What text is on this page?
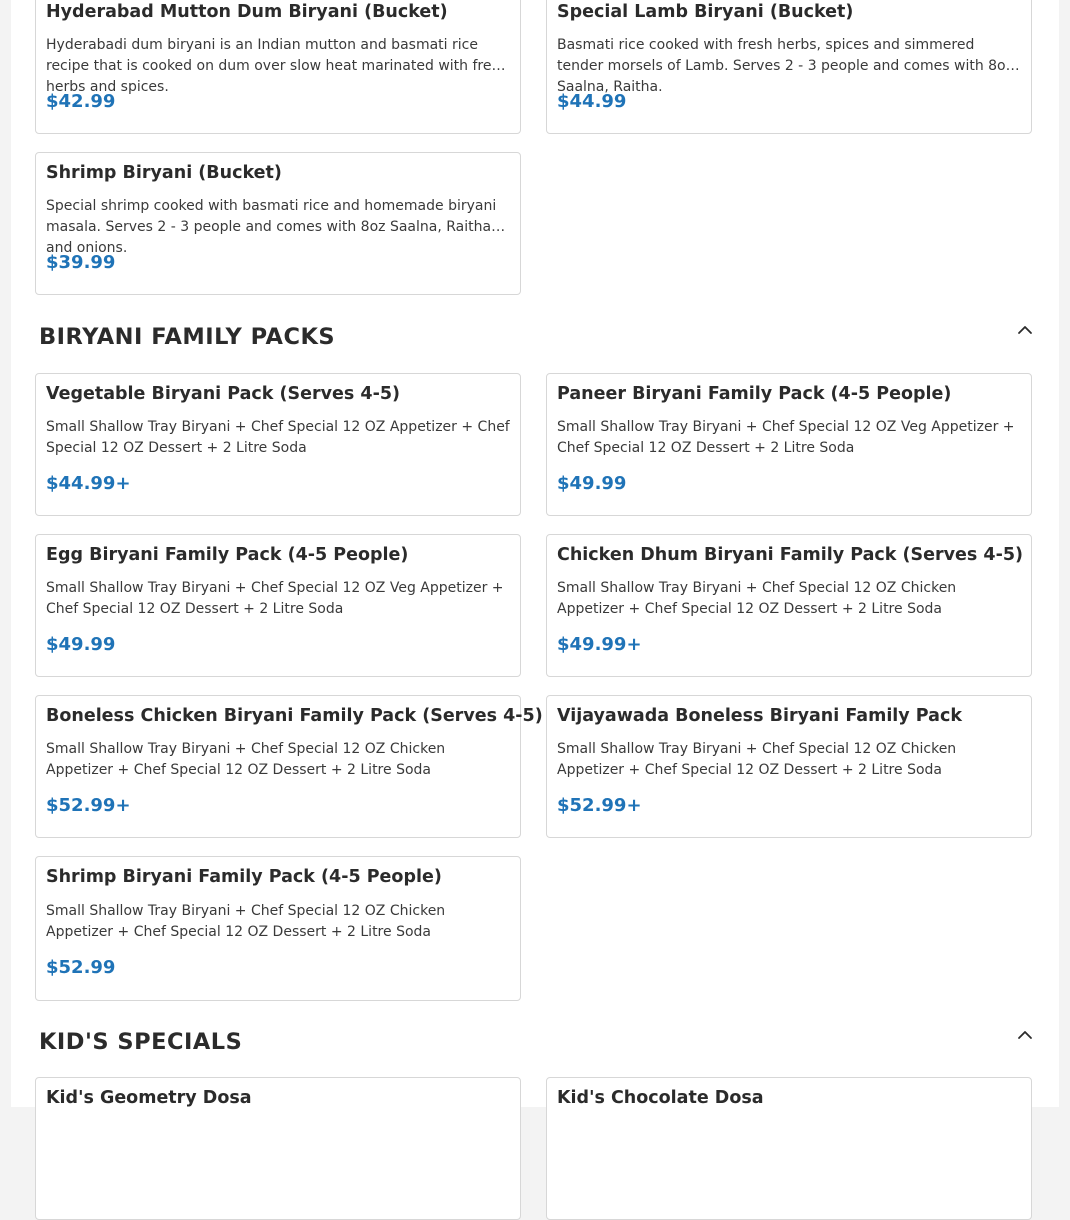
Hyderabad Mutton Dum Biryani (Bucket)
Hyderabadi dum biryani is an Indian mutton and basmati rice recipe that is cooked on dum over slow heat marinated with fresh herbs and spices.
$42.99
Special Lamb Biryani (Bucket)
Basmati rice cooked with fresh herbs, spices and simmered tender morsels of Lamb. Serves 2 - 3 people and comes with 8oz Saalna, Raitha.
$44.99
Shrimp Biryani (Bucket)
Special shrimp cooked with basmati rice and homemade biryani masala. Serves 2 - 3 people and comes with 8oz Saalna, Raitha and onions.
$39.99
BIRYANI FAMILY PACKS
Vegetable Biryani Pack (Serves 4-5)
Small Shallow Tray Biryani + Chef Special 12 OZ Appetizer + Chef Special 12 OZ Dessert + 2 Litre Soda
$44.99+
Paneer Biryani Family Pack (4-5 People)
Small Shallow Tray Biryani + Chef Special 12 OZ Veg Appetizer + Chef Special 12 OZ Dessert + 2 Litre Soda
$49.99
Egg Biryani Family Pack (4-5 People)
Small Shallow Tray Biryani + Chef Special 12 OZ Veg Appetizer + Chef Special 12 OZ Dessert + 2 Litre Soda
$49.99
Chicken Dhum Biryani Family Pack (Serves 4-5)
Small Shallow Tray Biryani + Chef Special 12 OZ Chicken Appetizer + Chef Special 12 OZ Dessert + 2 Litre Soda
$49.99+
Boneless Chicken Biryani Family Pack (Serves 4-5)
Small Shallow Tray Biryani + Chef Special 12 OZ Chicken Appetizer + Chef Special 12 OZ Dessert + 2 Litre Soda
$52.99+
Vijayawada Boneless Biryani Family Pack
Small Shallow Tray Biryani + Chef Special 12 OZ Chicken Appetizer + Chef Special 12 OZ Dessert + 2 Litre Soda
$52.99+
Shrimp Biryani Family Pack (4-5 People)
Small Shallow Tray Biryani + Chef Special 12 OZ Chicken Appetizer + Chef Special 12 OZ Dessert + 2 Litre Soda
$52.99
KID'S SPECIALS
Kid's Geometry Dosa	Kid's Chocolate Dosa
